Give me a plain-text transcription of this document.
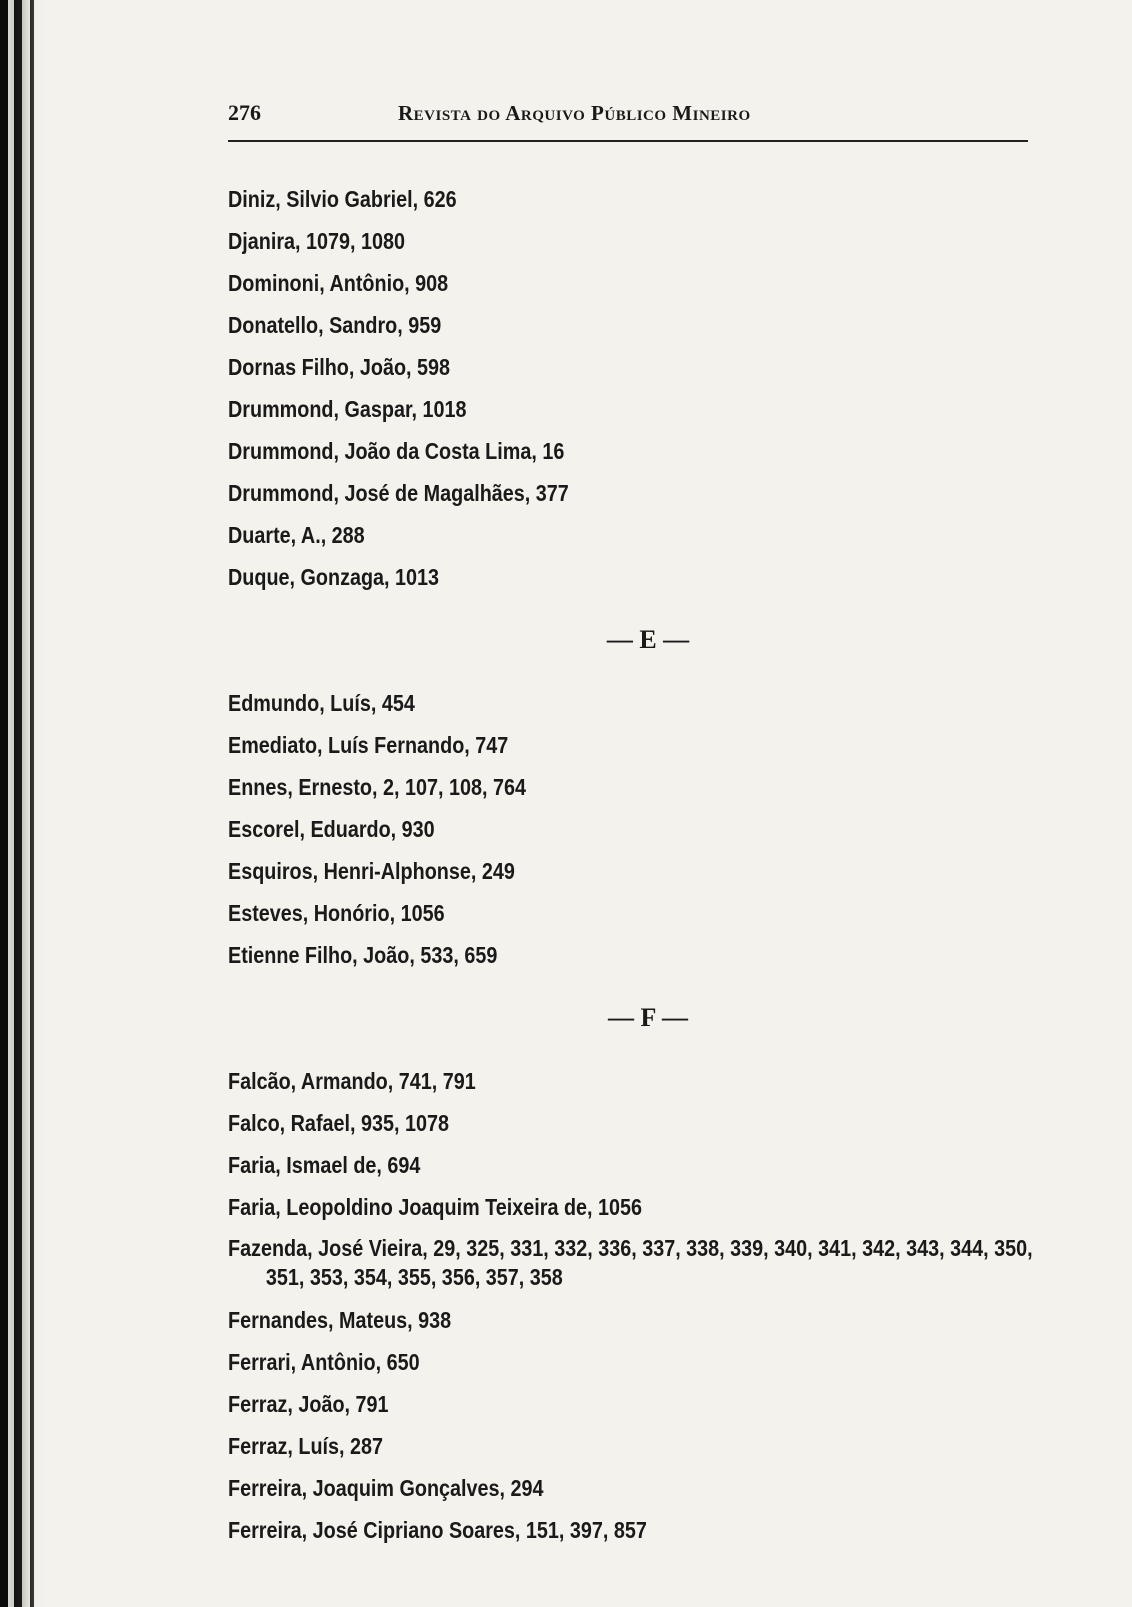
276	Revista do Arquivo Público Mineiro
Diniz, Silvio Gabriel, 626
Djanira, 1079, 1080
Dominoni, Antônio, 908
Donatello, Sandro, 959
Dornas Filho, João, 598
Drummond, Gaspar, 1018
Drummond, João da Costa Lima, 16
Drummond, José de Magalhães, 377
Duarte, A., 288
Duque, Gonzaga, 1013
— E —
Edmundo, Luís, 454
Emediato, Luís Fernando, 747
Ennes, Ernesto, 2, 107, 108, 764
Escorel, Eduardo, 930
Esquiros, Henri-Alphonse, 249
Esteves, Honório, 1056
Etienne Filho, João, 533, 659
— F —
Falcão, Armando, 741, 791
Falco, Rafael, 935, 1078
Faria, Ismael de, 694
Faria, Leopoldino Joaquim Teixeira de, 1056
Fazenda, José Vieira, 29, 325, 331, 332, 336, 337, 338, 339, 340, 341, 342, 343, 344, 350, 351, 353, 354, 355, 356, 357, 358
Fernandes, Mateus, 938
Ferrari, Antônio, 650
Ferraz, João, 791
Ferraz, Luís, 287
Ferreira, Joaquim Gonçalves, 294
Ferreira, José Cipriano Soares, 151, 397, 857
